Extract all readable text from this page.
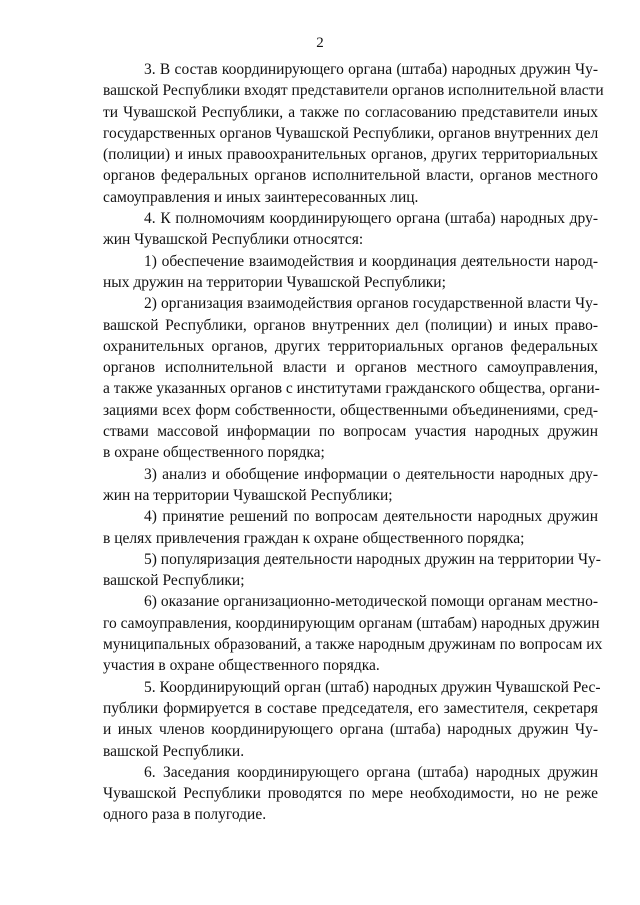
2
3. В состав координирующего органа (штаба) народных дружин Чу-
вашской Республики входят представители органов исполнительной власти
ти Чувашской Республики, а также по согласованию представители иных
государственных органов Чувашской Республики, органов внутренних дел
(полиции) и иных правоохранительных органов, других территориальных
органов федеральных органов исполнительной власти, органов местного
самоуправления и иных заинтересованных лиц.
4. К полномочиям координирующего органа (штаба) народных дру-
жин Чувашской Республики относятся:
1) обеспечение взаимодействия и координация деятельности народ-
ных дружин на территории Чувашской Республики;
2) организация взаимодействия органов государственной власти Чу-
вашской Республики, органов внутренних дел (полиции) и иных право-
охранительных органов, других территориальных органов федеральных
органов исполнительной власти и органов местного самоуправления,
а также указанных органов с институтами гражданского общества, органи-
зациями всех форм собственности, общественными объединениями, сред-
ствами массовой информации по вопросам участия народных дружин
в охране общественного порядка;
3) анализ и обобщение информации о деятельности народных дру-
жин на территории Чувашской Республики;
4) принятие решений по вопросам деятельности народных дружин
в целях привлечения граждан к охране общественного порядка;
5) популяризация деятельности народных дружин на территории Чу-
вашской Республики;
6) оказание организационно-методической помощи органам местно-
го самоуправления, координирующим органам (штабам) народных дружин
муниципальных образований, а также народным дружинам по вопросам их
участия в охране общественного порядка.
5. Координирующий орган (штаб) народных дружин Чувашской Рес-
публики формируется в составе председателя, его заместителя, секретаря
и иных членов координирующего органа (штаба) народных дружин Чу-
вашской Республики.
6. Заседания координирующего органа (штаба) народных дружин
Чувашской Республики проводятся по мере необходимости, но не реже
одного раза в полугодие.
